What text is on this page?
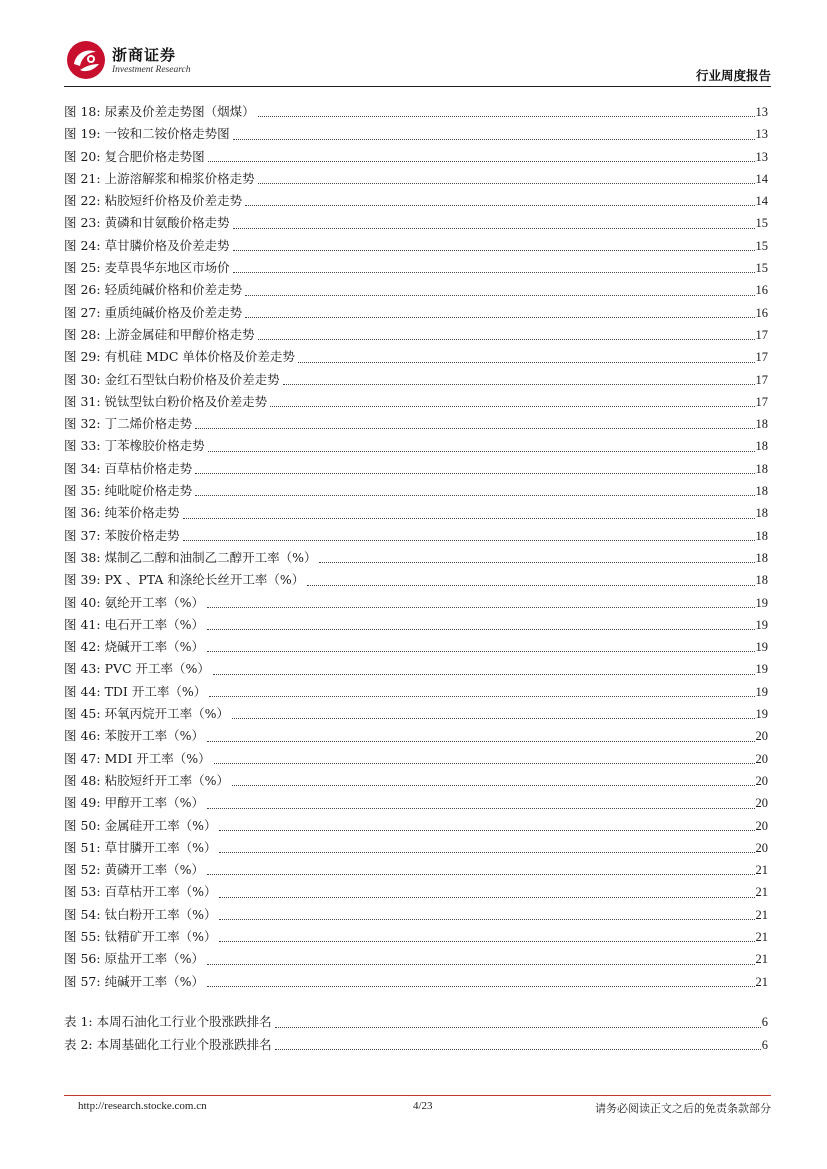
浙商证券
Investment Research	行业周度报告
图 18: 尿素及价差走势图（烟煤）	13
图 19: 一铵和二铵价格走势图	13
图 20: 复合肥价格走势图	13
图 21: 上游溶解浆和棉浆价格走势	14
图 22: 粘胶短纤价格及价差走势	14
图 23: 黄磷和甘氨酸价格走势	15
图 24: 草甘膦价格及价差走势	15
图 25: 麦草畏华东地区市场价	15
图 26: 轻质纯碱价格和价差走势	16
图 27: 重质纯碱价格及价差走势	16
图 28: 上游金属硅和甲醇价格走势	17
图 29: 有机硅 MDC 单体价格及价差走势	17
图 30: 金红石型钛白粉价格及价差走势	17
图 31: 锐钛型钛白粉价格及价差走势	17
图 32: 丁二烯价格走势	18
图 33: 丁苯橡胶价格走势	18
图 34: 百草枯价格走势	18
图 35: 纯吡啶价格走势	18
图 36: 纯苯价格走势	18
图 37: 苯胺价格走势	18
图 38: 煤制乙二醇和油制乙二醇开工率（%）	18
图 39: PX 、PTA 和涤纶长丝开工率（%）	18
图 40: 氨纶开工率（%）	19
图 41: 电石开工率（%）	19
图 42: 烧碱开工率（%）	19
图 43: PVC 开工率（%）	19
图 44: TDI 开工率（%）	19
图 45: 环氧丙烷开工率（%）	19
图 46: 苯胺开工率（%）	20
图 47: MDI 开工率（%）	20
图 48: 粘胶短纤开工率（%）	20
图 49: 甲醇开工率（%）	20
图 50: 金属硅开工率（%）	20
图 51: 草甘膦开工率（%）	20
图 52: 黄磷开工率（%）	21
图 53: 百草枯开工率（%）	21
图 54: 钛白粉开工率（%）	21
图 55: 钛精矿开工率（%）	21
图 56: 原盐开工率（%）	21
图 57: 纯碱开工率（%）	21
表 1: 本周石油化工行业个股涨跌排名	6
表 2: 本周基础化工行业个股涨跌排名	6
http://research.stocke.com.cn	4/23	请务必阅读正文之后的免责条款部分
